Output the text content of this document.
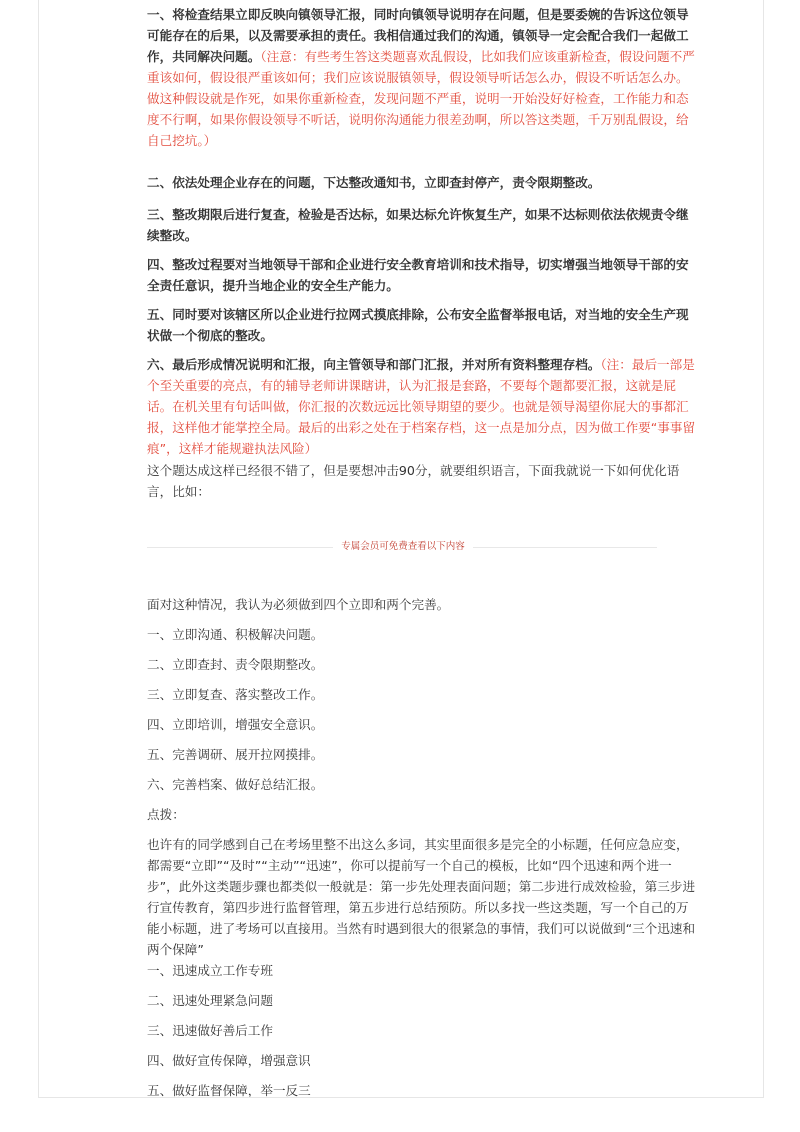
一、将检查结果立即反映向镇领导汇报，同时向镇领导说明存在问题，但是要委婉的告诉这位领导可能存在的后果，以及需要承担的责任。我相信通过我们的沟通，镇领导一定会配合我们一起做工作，共同解决问题。（注意：有些考生答这类题喜欢乱假设，比如我们应该重新检查，假设问题不严重该如何，假设很严重该如何；我们应该说服镇领导，假设领导听话怎么办，假设不听话怎么办。做这种假设就是作死，如果你重新检查，发现问题不严重，说明一开始没好好检查，工作能力和态度不行啊，如果你假设领导不听话，说明你沟通能力很差劲啊，所以答这类题，千万别乱假设，给自己挖坑。）

二、依法处理企业存在的问题，下达整改通知书，立即查封停产，责令限期整改。

三、整改期限后进行复查，检验是否达标，如果达标允许恢复生产，如果不达标则依法依规责令继续整改。

四、整改过程要对当地领导干部和企业进行安全教育培训和技术指导，切实增强当地领导干部的安全责任意识，提升当地企业的安全生产能力。

五、同时要对该辖区所以企业进行拉网式摸底排除，公布安全监督举报电话，对当地的安全生产现状做一个彻底的整改。

六、最后形成情况说明和汇报，向主管领导和部门汇报，并对所有资料整理存档。（注：最后一部是个至关重要的亮点，有的辅导老师讲课瞎讲，认为汇报是套路，不要每个题都要汇报，这就是屁话。在机关里有句话叫做，你汇报的次数远远比领导期望的要少。也就是领导渴望你屁大的事都汇报，这样他才能掌控全局。最后的出彩之处在于档案存档，这一点是加分点，因为做工作要“事事留痕”，这样才能规避执法风险）

这个题达成这样已经很不错了，但是要想冲击90分，就要组织语言，下面我就说一下如何优化语言，比如：

专属会员可免费查看以下内容

面对这种情况，我认为必须做到四个立即和两个完善。

一、立即沟通、积极解决问题。

二、立即查封、责令限期整改。

三、立即复查、落实整改工作。

四、立即培训，增强安全意识。

五、完善调研、展开拉网摸排。

六、完善档案、做好总结汇报。

点拨：

也许有的同学感到自己在考场里整不出这么多词，其实里面很多是完全的小标题，任何应急应变，都需要“立即”“及时”“主动”“迅速”，你可以提前写一个自己的模板，比如“四个迅速和两个进一步”，此外这类题步骤也都类似一般就是：第一步先处理表面问题；第二步进行成效检验，第三步进行宣传教育，第四步进行监督管理，第五步进行总结预防。所以多找一些这类题，写一个自己的万能小标题，进了考场可以直接用。当然有时遇到很大的很紧急的事情，我们可以说做到“三个迅速和两个保障”

一、迅速成立工作专班

二、迅速处理紧急问题

三、迅速做好善后工作

四、做好宣传保障，增强意识

五、做好监督保障，举一反三
